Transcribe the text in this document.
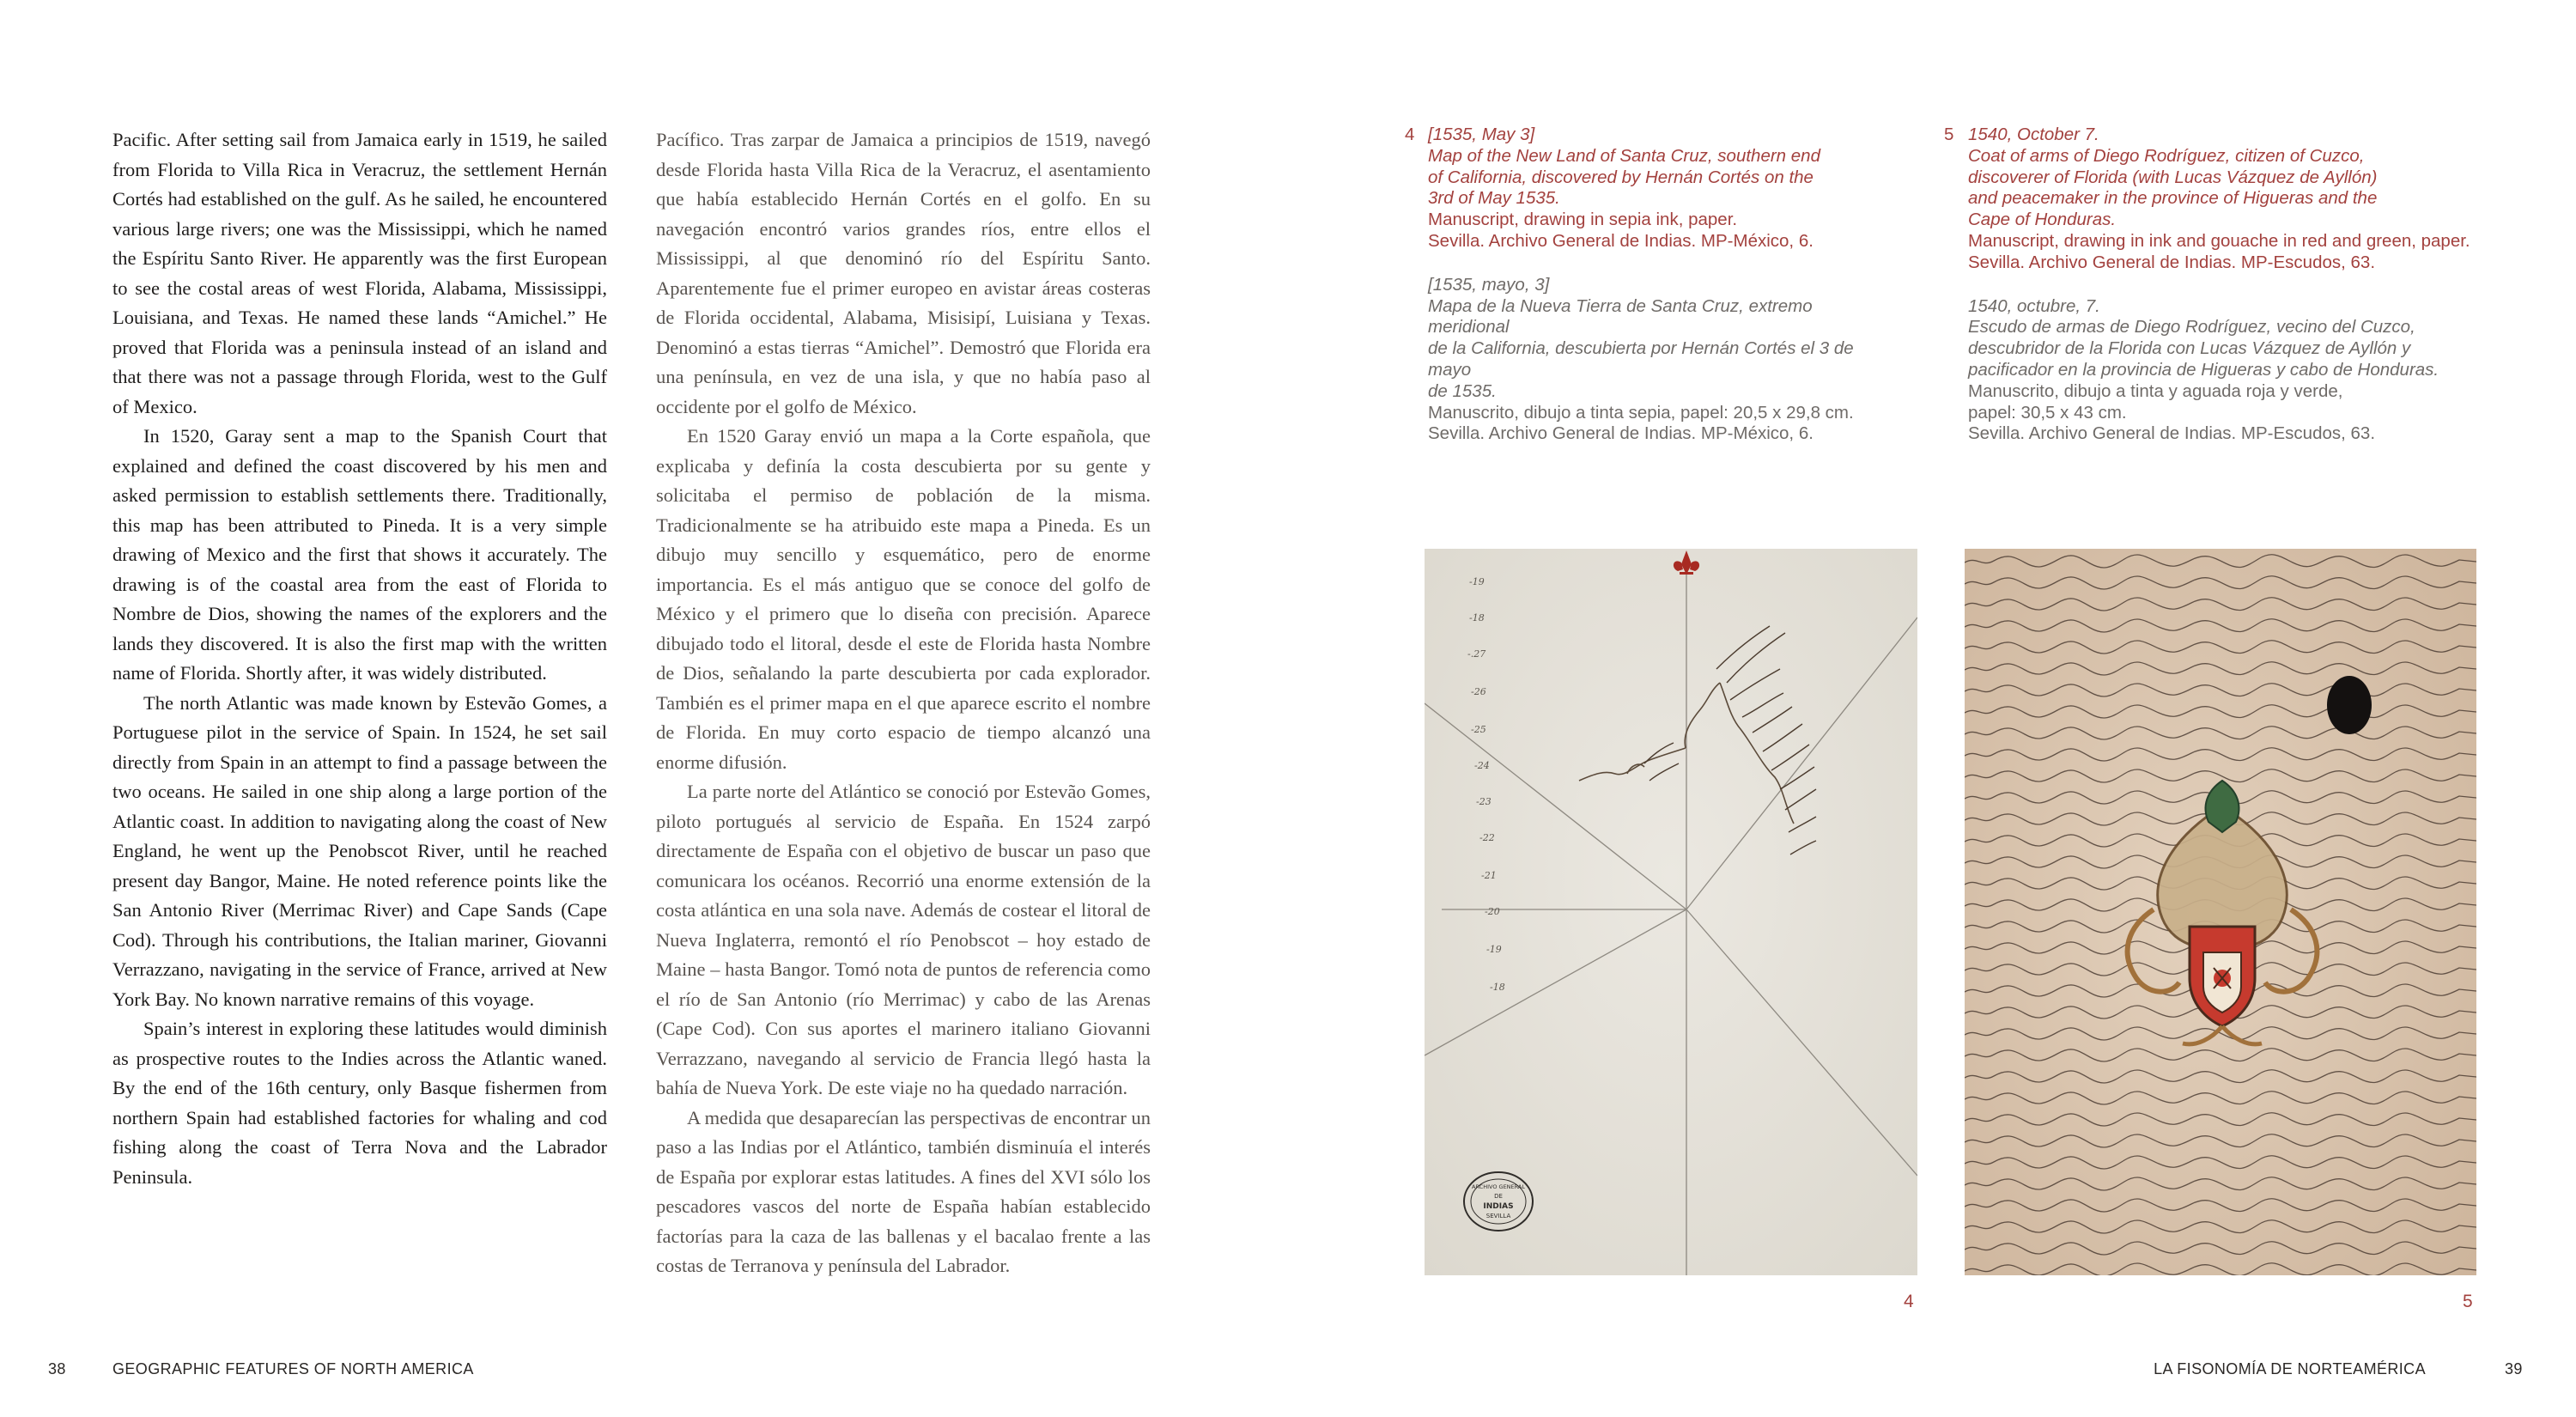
Pacific. After setting sail from Jamaica early in 1519, he sailed from Florida to Villa Rica in Veracruz, the settlement Hernán Cortés had established on the gulf. As he sailed, he encountered various large rivers; one was the Mississippi, which he named the Espíritu Santo River. He apparently was the first European to see the costal areas of west Florida, Alabama, Mississippi, Louisiana, and Texas. He named these lands “Amichel.” He proved that Florida was a peninsula instead of an island and that there was not a passage through Florida, west to the Gulf of Mexico.

In 1520, Garay sent a map to the Spanish Court that explained and defined the coast discovered by his men and asked permission to establish settlements there. Traditionally, this map has been attributed to Pineda. It is a very simple drawing of Mexico and the first that shows it accurately. The drawing is of the coastal area from the east of Florida to Nombre de Dios, showing the names of the explorers and the lands they discovered. It is also the first map with the written name of Florida. Shortly after, it was widely distributed.

The north Atlantic was made known by Estevão Gomes, a Portuguese pilot in the service of Spain. In 1524, he set sail directly from Spain in an attempt to find a passage between the two oceans. He sailed in one ship along a large portion of the Atlantic coast. In addition to navigating along the coast of New England, he went up the Penobscot River, until he reached present day Bangor, Maine. He noted reference points like the San Antonio River (Merrimac River) and Cape Sands (Cape Cod). Through his contributions, the Italian mariner, Giovanni Verrazzano, navigating in the service of France, arrived at New York Bay. No known narrative remains of this voyage.

Spain’s interest in exploring these latitudes would diminish as prospective routes to the Indies across the Atlantic waned. By the end of the 16th century, only Basque fishermen from northern Spain had established factories for whaling and cod fishing along the coast of Terra Nova and the Labrador Peninsula.

Pacífico. Tras zarpar de Jamaica a principios de 1519, navegó desde Florida hasta Villa Rica de la Veracruz, el asentamiento que había establecido Hernán Cortés en el golfo. En su navegación encontró varios grandes ríos, entre ellos el Mississippi, al que denominó río del Espíritu Santo. Aparentemente fue el primer europeo en avistar áreas costeras de Florida occidental, Alabama, Misisipí, Luisiana y Texas. Denominó a estas tierras “Amichel”. Demostró que Florida era una península, en vez de una isla, y que no había paso al occidente por el golfo de México.

En 1520 Garay envió un mapa a la Corte española, que explicaba y definía la costa descubierta por su gente y solicitaba el permiso de población de la misma. Tradicionalmente se ha atribuido este mapa a Pineda. Es un dibujo muy sencillo y esquemático, pero de enorme importancia. Es el más antiguo que se conoce del golfo de México y el primero que lo diseña con precisión. Aparece dibujado todo el litoral, desde el este de Florida hasta Nombre de Dios, señalando la parte descubierta por cada explorador. También es el primer mapa en el que aparece escrito el nombre de Florida. En muy corto espacio de tiempo alcanzó una enorme difusión.

La parte norte del Atlántico se conoció por Estevão Gomes, piloto portugués al servicio de España. En 1524 zarpó directamente de España con el objetivo de buscar un paso que comunicara los océanos. Recorrió una enorme extensión de la costa atlántica en una sola nave. Además de costear el litoral de Nueva Inglaterra, remontó el río Penobscot – hoy estado de Maine – hasta Bangor. Tomó nota de puntos de referencia como el río de San Antonio (río Merrimac) y cabo de las Arenas (Cape Cod). Con sus aportes el marinero italiano Giovanni Verrazzano, navegando al servicio de Francia llegó hasta la bahía de Nueva York. De este viaje no ha quedado narración.

A medida que desaparecían las perspectivas de encontrar un paso a las Indias por el Atlántico, también disminuía el interés de España por explorar estas latitudes. A fines del XVI sólo los pescadores vascos del norte de España habían establecido factorías para la caza de las ballenas y el bacalao frente a las costas de Terranova y península del Labrador.

38	GEOGRAPHIC FEATURES OF NORTH AMERICA
4 [1535, May 3]
Map of the New Land of Santa Cruz, southern end
of California, discovered by Hernán Cortés on the
3rd of May 1535.
Manuscript, drawing in sepia ink, paper.
Sevilla. Archivo General de Indias. MP-México, 6.
[1535, mayo, 3]
Mapa de la Nueva Tierra de Santa Cruz, extremo meridional
de la California, descubierta por Hernán Cortés el 3 de mayo
de 1535.
Manuscrito, dibujo a tinta sepia, papel: 20,5 x 29,8 cm.
Sevilla. Archivo General de Indias. MP-México, 6.
5 1540, October 7.
Coat of arms of Diego Rodríguez, citizen of Cuzco,
discoverer of Florida (with Lucas Vázquez de Ayllón)
and peacemaker in the province of Higueras and the
Cape of Honduras.
Manuscript, drawing in ink and gouache in red and green, paper.
Sevilla. Archivo General de Indias. MP-Escudos, 63.
1540, octubre, 7.
Escudo de armas de Diego Rodríguez, vecino del Cuzco,
descubridor de la Florida con Lucas Vázquez de Ayllón y
pacificador en la provincia de Higueras y cabo de Honduras.
Manuscrito, dibujo a tinta y aguada roja y verde,
papel: 30,5 x 43 cm.
Sevilla. Archivo General de Indias. MP-Escudos, 63.
-19
-18
-.27
-26
-25
-24
-23
-22
-21
-20
-19
-18
ARCHIVO GENERAL
DE
INDIAS
SEVILLA
4	5
LA FISONOMÍA DE NORTEAMÉRICA	39
